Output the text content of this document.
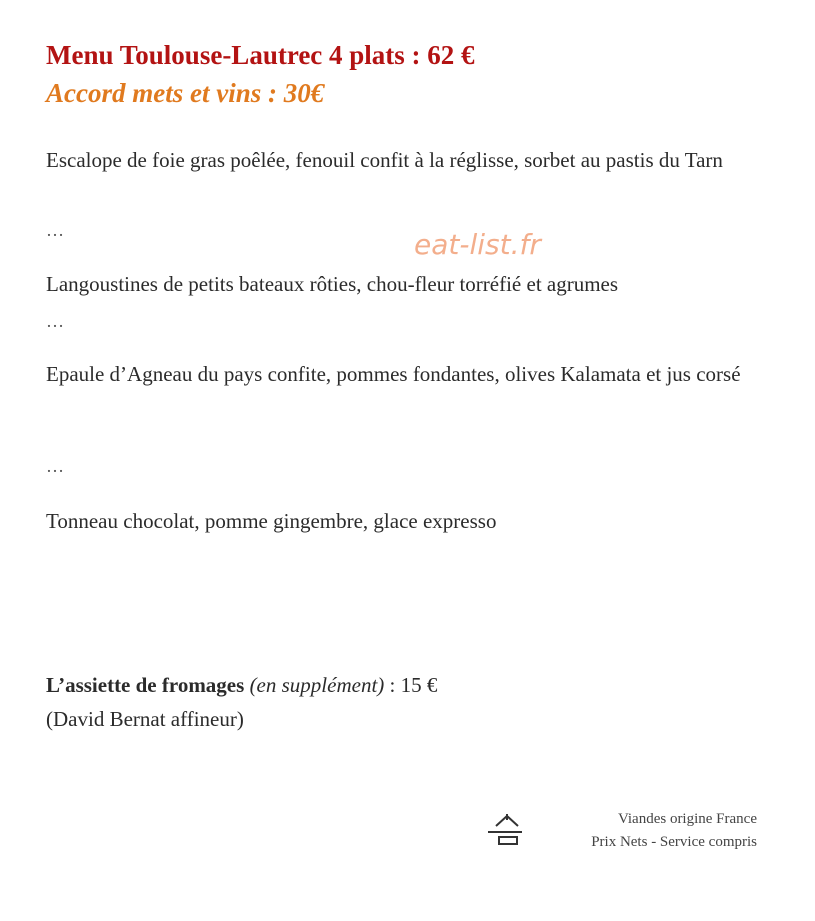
Menu Toulouse-Lautrec 4 plats : 62 €
Accord mets et vins : 30€
Escalope de foie gras poêlée, fenouil confit à la réglisse, sorbet au pastis du Tarn
…	eat-list.fr
Langoustines de petits bateaux rôties, chou-fleur torréfié et agrumes
…
Epaule d’Agneau du pays confite, pommes fondantes, olives Kalamata et jus corsé
…
Tonneau chocolat, pomme gingembre, glace expresso
L’assiette de fromages (en supplément) : 15 €
(David Bernat affineur)
Viandes origine France
Prix Nets - Service compris
